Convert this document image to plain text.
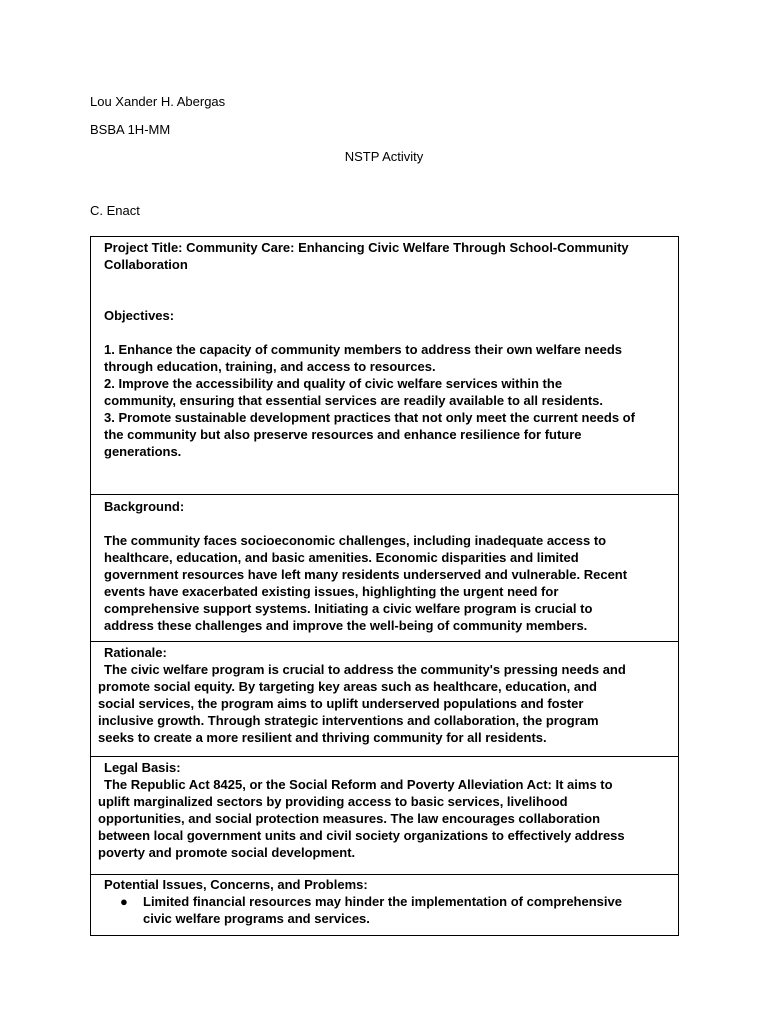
Lou Xander H. Abergas
BSBA 1H-MM
NSTP Activity
C. Enact
Project Title: Community Care: Enhancing Civic Welfare Through School-Community
Collaboration
Objectives:
1. Enhance the capacity of community members to address their own welfare needs
through education, training, and access to resources.
2. Improve the accessibility and quality of civic welfare services within the
community, ensuring that essential services are readily available to all residents.
3. Promote sustainable development practices that not only meet the current needs of
the community but also preserve resources and enhance resilience for future
generations.
Background:
The community faces socioeconomic challenges, including inadequate access to
healthcare, education, and basic amenities. Economic disparities and limited
government resources have left many residents underserved and vulnerable. Recent
events have exacerbated existing issues, highlighting the urgent need for
comprehensive support systems. Initiating a civic welfare program is crucial to
address these challenges and improve the well-being of community members.
Rationale:
The civic welfare program is crucial to address the community's pressing needs and
promote social equity. By targeting key areas such as healthcare, education, and
social services, the program aims to uplift underserved populations and foster
inclusive growth. Through strategic interventions and collaboration, the program
seeks to create a more resilient and thriving community for all residents.
Legal Basis:
The Republic Act 8425, or the Social Reform and Poverty Alleviation Act: It aims to
uplift marginalized sectors by providing access to basic services, livelihood
opportunities, and social protection measures. The law encourages collaboration
between local government units and civil society organizations to effectively address
poverty and promote social development.
Potential Issues, Concerns, and Problems:
● Limited financial resources may hinder the implementation of comprehensive
civic welfare programs and services.
